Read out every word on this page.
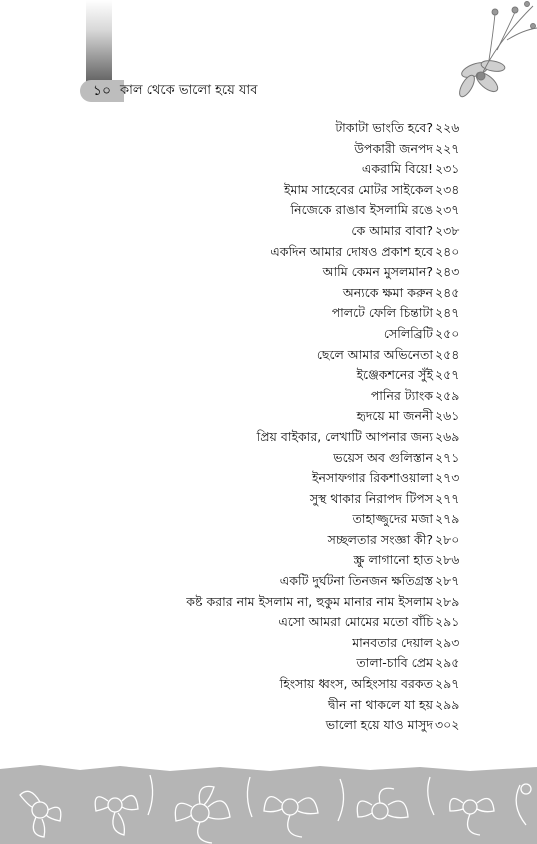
১০ কাল থেকে ভালো হয়ে যাব
টাকাটা ভাংতি হবে? ২২৬
উপকারী জনপদ ২২৭
একরামি বিয়ে! ২৩১
ইমাম সাহেবের মোটর সাইকেল ২৩৪
নিজেকে রাঙাব ইসলামি রঙে ২৩৭
কে আমার বাবা? ২৩৮
একদিন আমার দোষও প্রকাশ হবে ২৪০
আমি কেমন মুসলমান? ২৪৩
অন্যকে ক্ষমা করুন ২৪৫
পালটে ফেলি চিন্তাটা ২৪৭
সেলিব্রিটি ২৫০
ছেলে আমার অভিনেতা ২৫৪
ইঞ্জেকশনের সুঁই ২৫৭
পানির ট্যাংক ২৫৯
হৃদয়ে মা জননী ২৬১
প্রিয় বাইকার, লেখাটি আপনার জন্য ২৬৯
ভয়েস অব গুলিস্তান ২৭১
ইনসাফগার রিকশাওয়ালা ২৭৩
সুস্থ থাকার নিরাপদ টিপস ২৭৭
তাহাজ্জুদের মজা ২৭৯
সচ্ছলতার সংজ্ঞা কী? ২৮০
স্ক্রু লাগানো হাত ২৮৬
একটি দুর্ঘটনা তিনজন ক্ষতিগ্রস্ত ২৮৭
কষ্ট করার নাম ইসলাম না, হুকুম মানার নাম ইসলাম ২৮৯
এসো আমরা মোমের মতো বাঁচি ২৯১
মানবতার দেয়াল ২৯৩
তালা-চাবি প্রেম ২৯৫
হিংসায় ধ্বংস, অহিংসায় বরকত ২৯৭
দ্বীন না থাকলে যা হয় ২৯৯
ভালো হয়ে যাও মাসুদ ৩০২
